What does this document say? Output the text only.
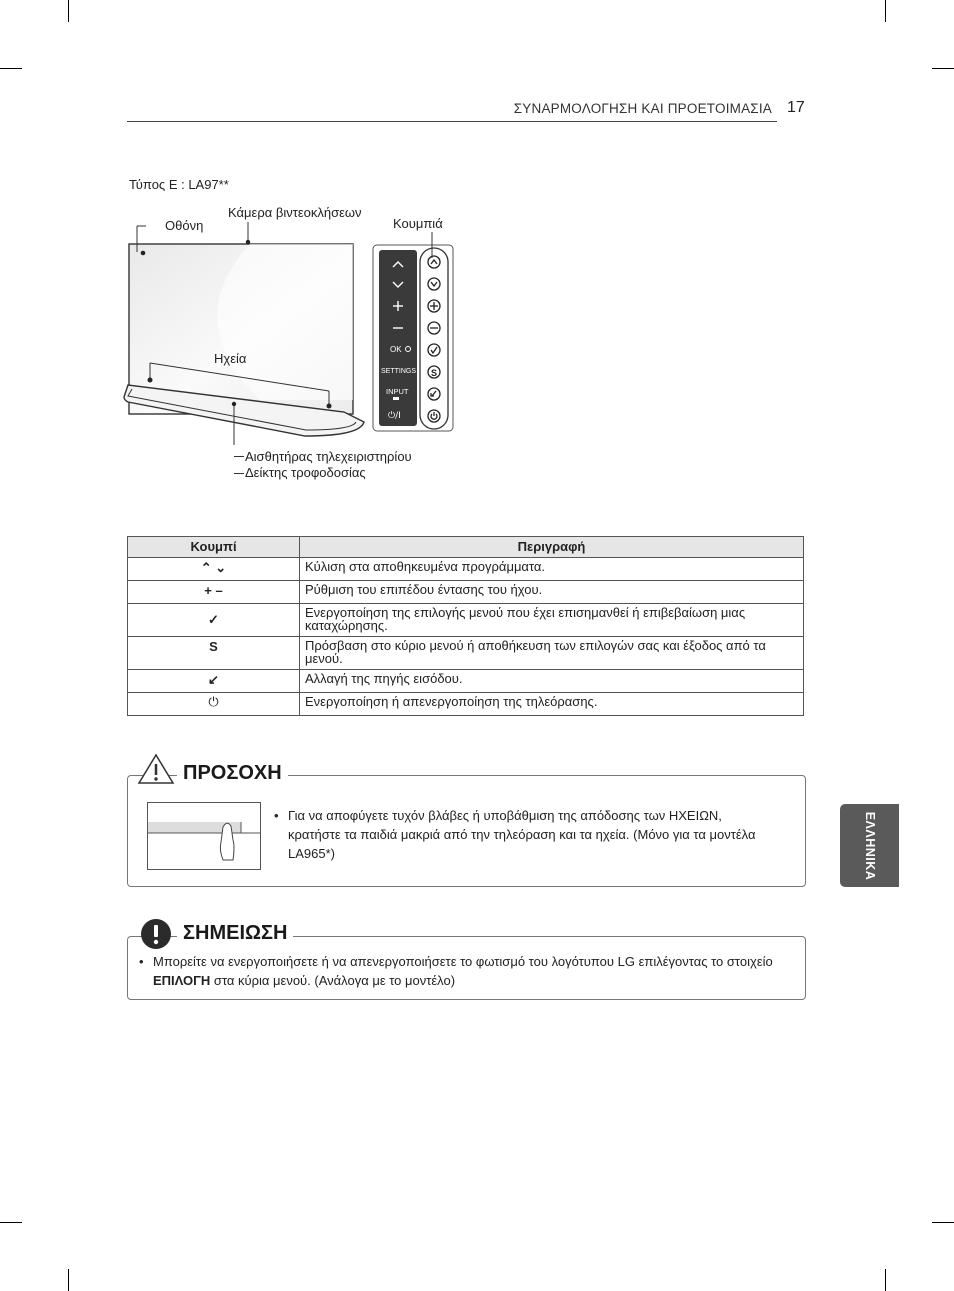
ΣΥΝΑΡΜΟΛΟΓΗΣΗ ΚΑΙ ΠΡΟΕΤΟΙΜΑΣΙΑ 17
Τύπος E : LA97**
OK
SETTINGS
INPUT
⏻/I
S
Οθόνη
Κάμερα βιντεοκλήσεων
Κουμπιά
Ηχεία
Αισθητήρας τηλεχειριστηρίου
Δείκτης τροφοδοσίας
Κουμπί	Περιγραφή
⌃ ⌄	Κύλιση στα αποθηκευμένα προγράμματα.
+ –	Ρύθμιση του επιπέδου έντασης του ήχου.
✓	Ενεργοποίηση της επιλογής μενού που έχει επισημανθεί ή επιβεβαίωση μιας καταχώρησης.
S	Πρόσβαση στο κύριο μενού ή αποθήκευση των επιλογών σας και έξοδος από τα μενού.
↙	Αλλαγή της πηγής εισόδου.
⏻	Ενεργοποίηση ή απενεργοποίηση της τηλεόρασης.
ΠΡΟΣΟΧΗ
• Για να αποφύγετε τυχόν βλάβες ή υποβάθμιση της απόδοσης των ΗΧΕΙΩΝ, κρατήστε τα παιδιά μακριά από την τηλεόραση και τα ηχεία. (Μόνο για τα μοντέλα LA965*)
ΣΗΜΕΙΩΣΗ
• Μπορείτε να ενεργοποιήσετε ή να απενεργοποιήσετε το φωτισμό του λογότυπου LG επιλέγοντας το στοιχείο ΕΠΙΛΟΓΗ στα κύρια μενού. (Ανάλογα με το μοντέλο)
ΕΛΛΗΝΙΚΑ
